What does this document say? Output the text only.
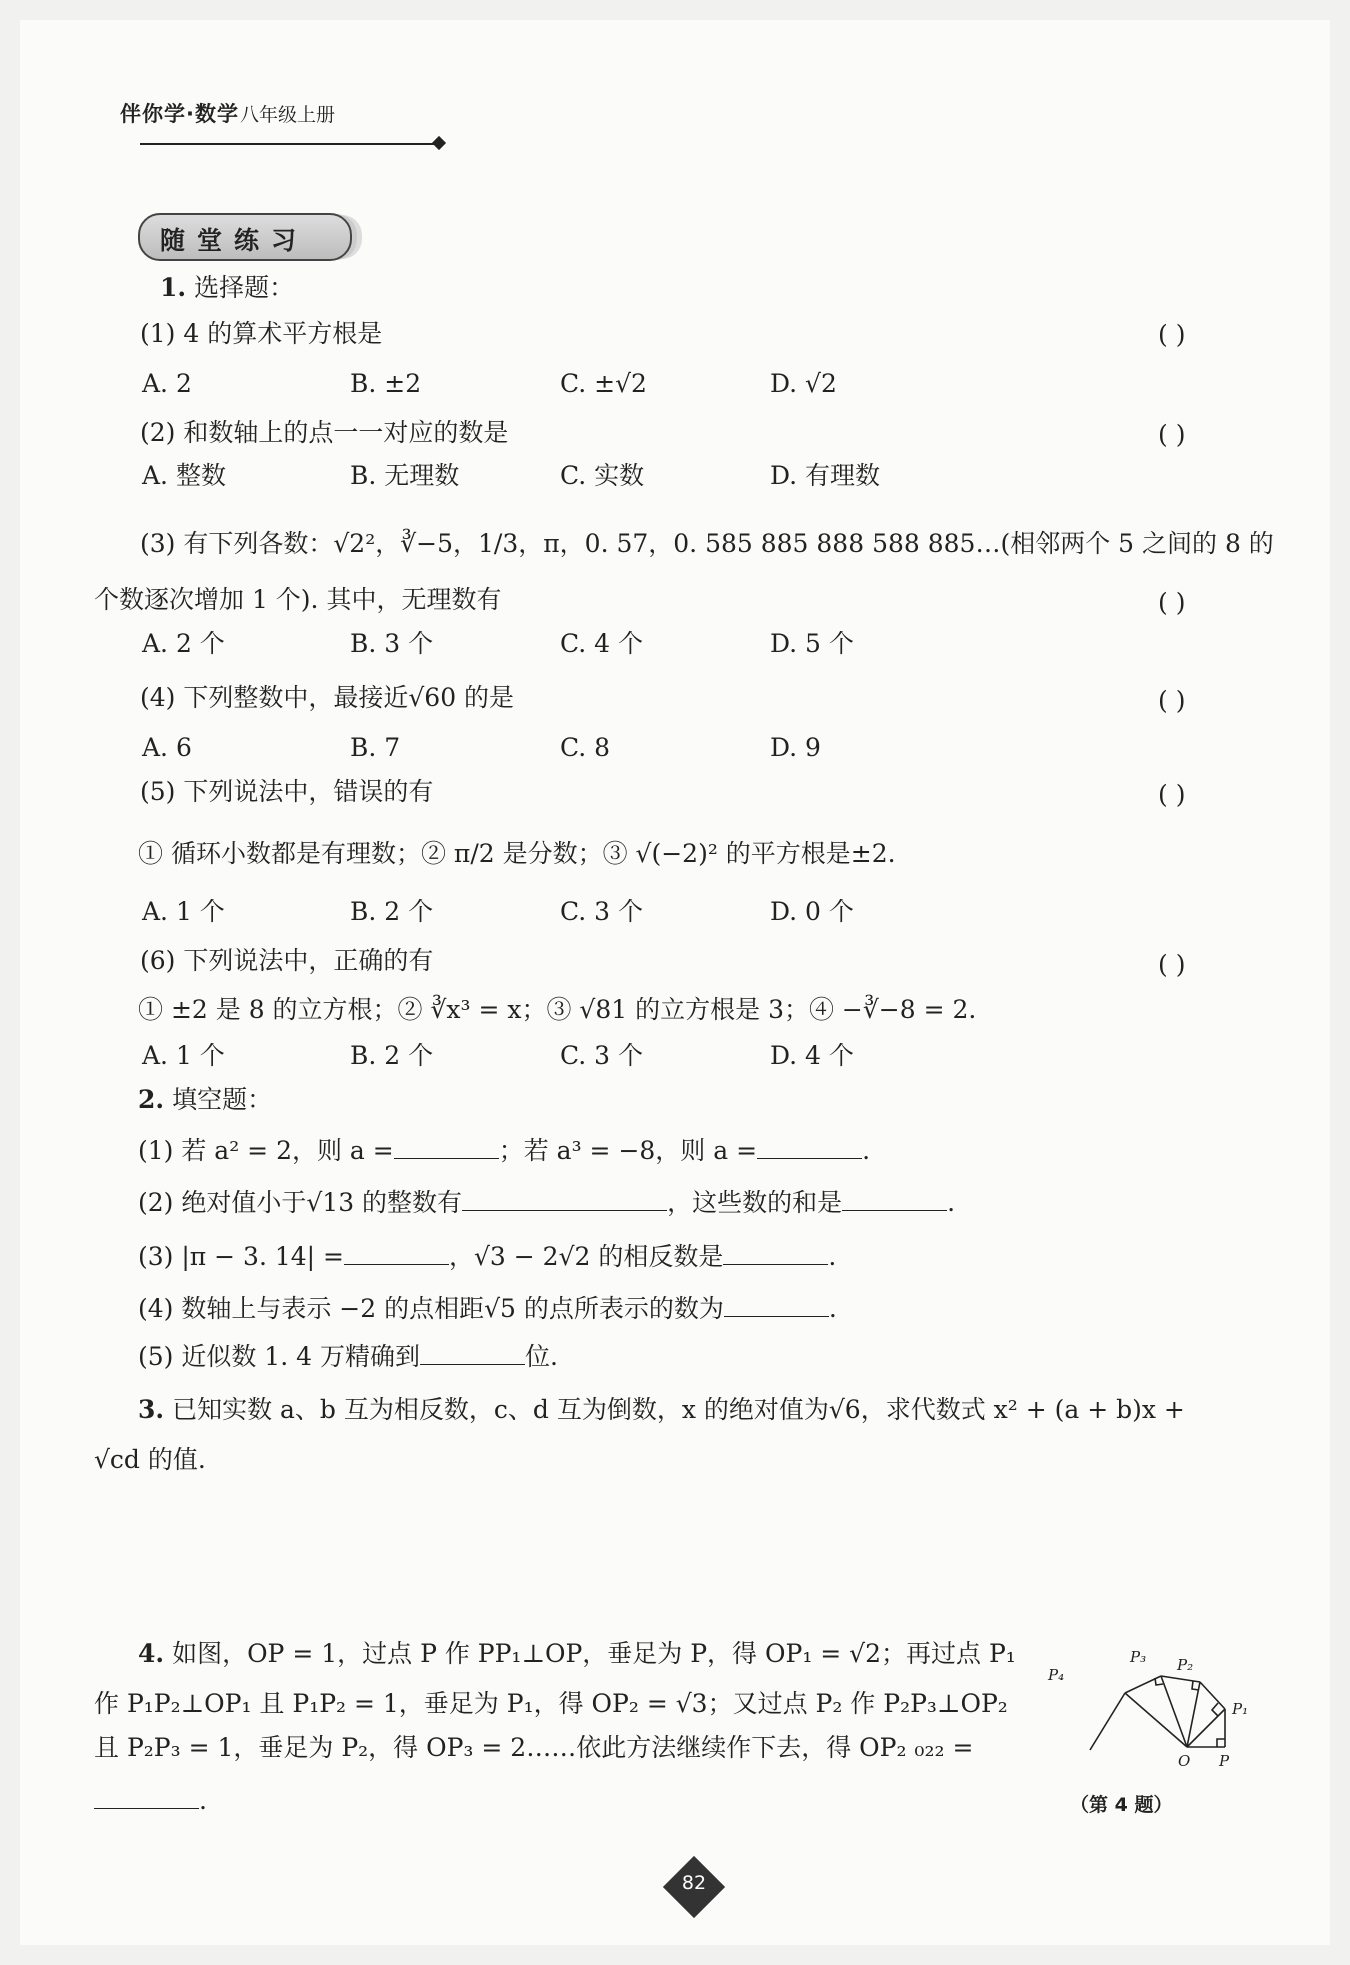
伴你学·数学 八年级上册
随堂练习
1. 选择题：
(1) 4 的算术平方根是	( )
A. 2	B. ±2	C. ±√2	D. √2
(2) 和数轴上的点一一对应的数是	( )
A. 整数	B. 无理数	C. 实数	D. 有理数
(3) 有下列各数：√2²，∛−5，1/3，π，0. 57，0. 585 885 888 588 885…(相邻两个 5 之间的 8 的
个数逐次增加 1 个). 其中，无理数有	( )
A. 2 个	B. 3 个	C. 4 个	D. 5 个
(4) 下列整数中，最接近√60 的是	( )
A. 6	B. 7	C. 8	D. 9
(5) 下列说法中，错误的有	( )
① 循环小数都是有理数；② π/2 是分数；③ √(−2)² 的平方根是±2.
A. 1 个	B. 2 个	C. 3 个	D. 0 个
(6) 下列说法中，正确的有	( )
① ±2 是 8 的立方根；② ∛x³ = x；③ √81 的立方根是 3；④ −∛−8 = 2.
A. 1 个	B. 2 个	C. 3 个	D. 4 个
2. 填空题：
(1) 若 a² = 2，则 a =	；若 a³ = −8，则 a =	.
(2) 绝对值小于√13 的整数有	，这些数的和是	.
(3) |π − 3. 14| =	，√3 − 2√2 的相反数是	.
(4) 数轴上与表示 −2 的点相距√5 的点所表示的数为	.
(5) 近似数 1. 4 万精确到	位.
3. 已知实数 a、b 互为相反数，c、d 互为倒数，x 的绝对值为√6，求代数式 x² + (a + b)x +
√cd 的值.
4. 如图，OP = 1，过点 P 作 PP₁⊥OP，垂足为 P，得 OP₁ = √2；再过点 P₁
作 P₁P₂⊥OP₁ 且 P₁P₂ = 1，垂足为 P₁，得 OP₂ = √3；又过点 P₂ 作 P₂P₃⊥OP₂
且 P₂P₃ = 1，垂足为 P₂，得 OP₃ = 2……依此方法继续作下去，得 OP₂ ₀₂₂ =
.
P₄
P₃ P₂
P₁
O P
（第 4 题）
82
